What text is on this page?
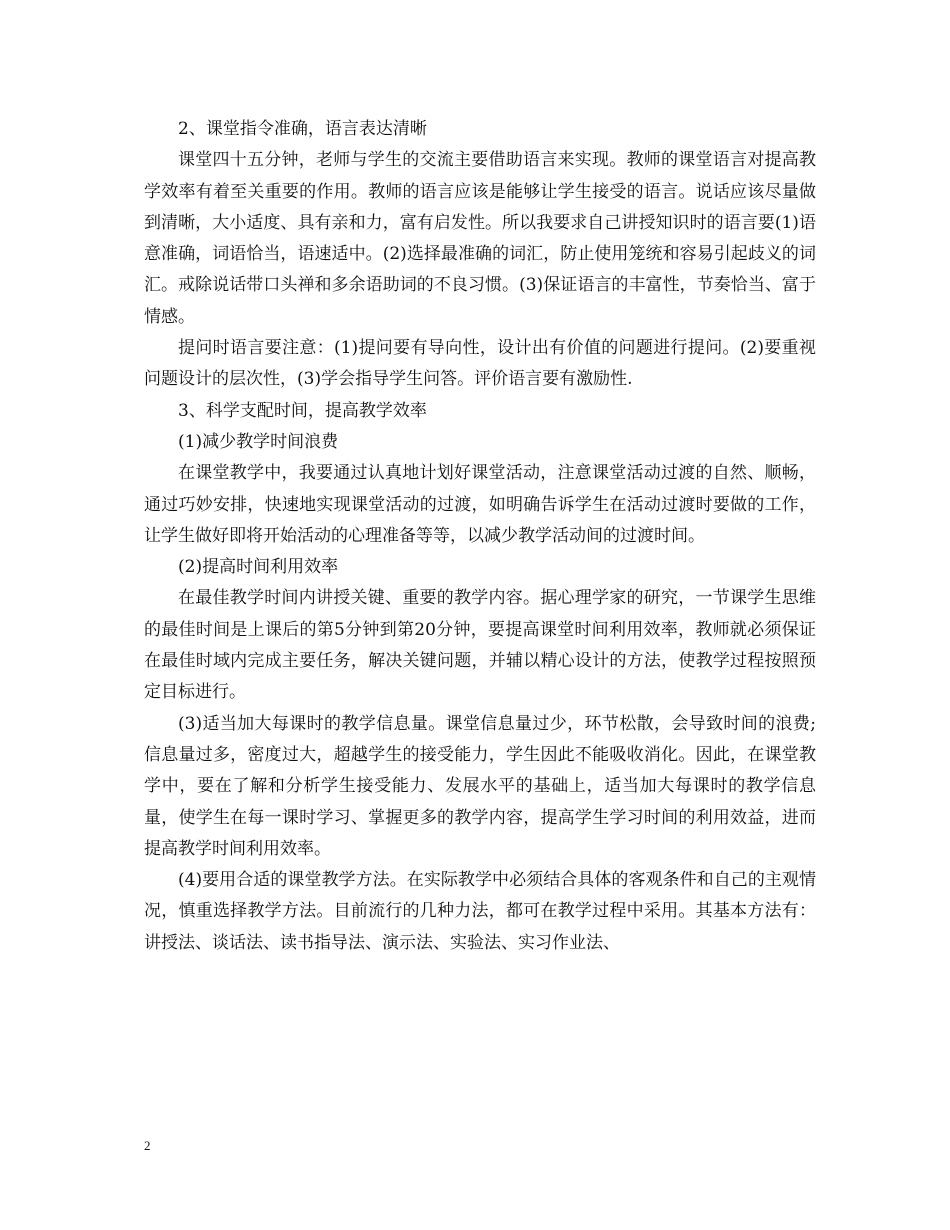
2、课堂指令准确，语言表达清晰

课堂四十五分钟，老师与学生的交流主要借助语言来实现。教师的课堂语言对提高教学效率有着至关重要的作用。教师的语言应该是能够让学生接受的语言。说话应该尽量做到清晰，大小适度、具有亲和力，富有启发性。所以我要求自己讲授知识时的语言要(1)语意准确，词语恰当，语速适中。(2)选择最准确的词汇，防止使用笼统和容易引起歧义的词汇。戒除说话带口头禅和多余语助词的不良习惯。(3)保证语言的丰富性，节奏恰当、富于情感。

提问时语言要注意：(1)提问要有导向性，设计出有价值的问题进行提问。(2)要重视问题设计的层次性，(3)学会指导学生问答。评价语言要有激励性.

3、科学支配时间，提高教学效率

(1)减少教学时间浪费

在课堂教学中，我要通过认真地计划好课堂活动，注意课堂活动过渡的自然、顺畅，通过巧妙安排，快速地实现课堂活动的过渡，如明确告诉学生在活动过渡时要做的工作，让学生做好即将开始活动的心理准备等等，以减少教学活动间的过渡时间。

(2)提高时间利用效率

在最佳教学时间内讲授关键、重要的教学内容。据心理学家的研究，一节课学生思维的最佳时间是上课后的第5分钟到第20分钟，要提高课堂时间利用效率，教师就必须保证在最佳时域内完成主要任务，解决关键问题，并辅以精心设计的方法，使教学过程按照预定目标进行。

(3)适当加大每课时的教学信息量。课堂信息量过少，环节松散，会导致时间的浪费;信息量过多，密度过大，超越学生的接受能力，学生因此不能吸收消化。因此，在课堂教学中，要在了解和分析学生接受能力、发展水平的基础上，适当加大每课时的教学信息量，使学生在每一课时学习、掌握更多的教学内容，提高学生学习时间的利用效益，进而提高教学时间利用效率。

(4)要用合适的课堂教学方法。在实际教学中必须结合具体的客观条件和自己的主观情况，慎重选择教学方法。目前流行的几种力法，都可在教学过程中采用。其基本方法有：讲授法、谈话法、读书指导法、演示法、实验法、实习作业法、

2
